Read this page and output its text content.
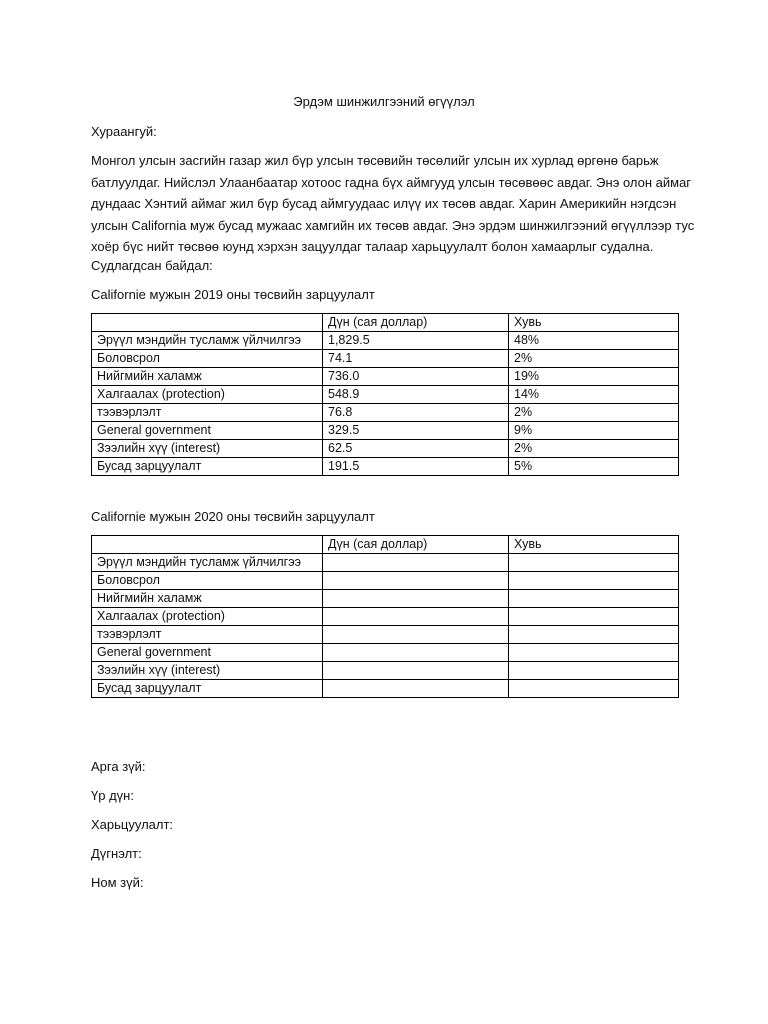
Эрдэм шинжилгээний өгүүлэл
Хураангуй:
Монгол улсын засгийн газар жил бүр улсын төсөвийн төсөлийг улсын их хурлад өргөнө барьж
батлуулдаг. Нийслэл Улаанбаатар хотоос гадна бүх аймгууд улсын төсөвөөс авдаг. Энэ олон аймаг
дундаас Хэнтий аймаг жил бүр бусад аймгуудаас илүү их төсөв авдаг. Харин Америкийн нэгдсэн
улсын California муж бусад мужаас хамгийн их төсөв авдаг. Энэ эрдэм шинжилгээний өгүүллээр тус
хоёр бүс нийт төсвөө юунд хэрхэн зацуулдаг талаар харьцуулалт болон хамаарлыг судална.
Судлагдсан байдал:
Californie мужын 2019 оны төсвийн зарцуулалт
	Дүн (сая доллар)	Хувь
Эрүүл мэндийн тусламж үйлчилгээ	1,829.5	48%
Боловсрол	74.1	2%
Нийгмийн халамж	736.0	19%
Халгаалах (protection)	548.9	14%
тээвэрлэлт	76.8	2%
General government	329.5	9%
Зээлийн хүү (interest)	62.5	2%
Бусад зарцуулалт	191.5	5%
Californie мужын 2020 оны төсвийн зарцуулалт
	Дүн (сая доллар)	Хувь
Эрүүл мэндийн тусламж үйлчилгээ		
Боловсрол		
Нийгмийн халамж		
Халгаалах (protection)		
тээвэрлэлт		
General government		
Зээлийн хүү (interest)		
Бусад зарцуулалт		
Арга зүй:
Үр дүн:
Харьцуулалт:
Дүгнэлт:
Ном зүй:
